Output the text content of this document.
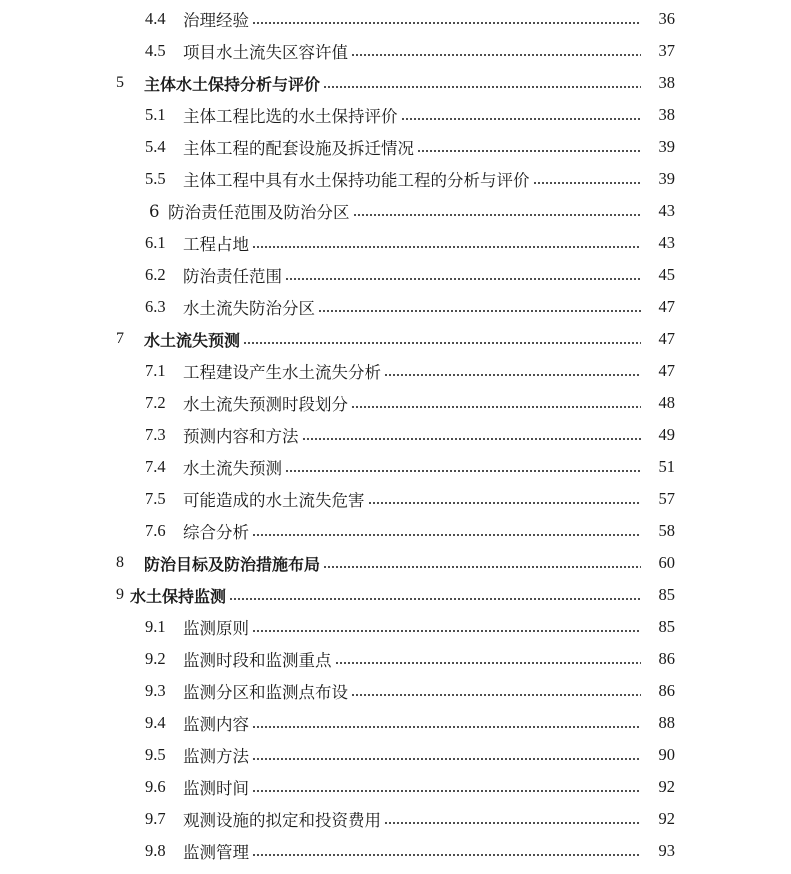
4.4	治理经验	36
4.5	项目水土流失区容许值	37
5	主体水土保持分析与评价	38
5.1	主体工程比选的水土保持评价	38
5.4	主体工程的配套设施及拆迁情况	39
5.5	主体工程中具有水土保持功能工程的分析与评价	39
6 防治责任范围及防治分区	43
6.1	工程占地	43
6.2	防治责任范围	45
6.3	水土流失防治分区	47
7	水土流失预测	47
7.1	工程建设产生水土流失分析	47
7.2	水土流失预测时段划分	48
7.3	预测内容和方法	49
7.4	水土流失预测	51
7.5	可能造成的水土流失危害	57
7.6	综合分析	58
8	防治目标及防治措施布局	60
9 水土保持监测	85
9.1	监测原则	85
9.2	监测时段和监测重点	86
9.3	监测分区和监测点布设	86
9.4	监测内容	88
9.5	监测方法	90
9.6	监测时间	92
9.7	观测设施的拟定和投资费用	92
9.8	监测管理	93
